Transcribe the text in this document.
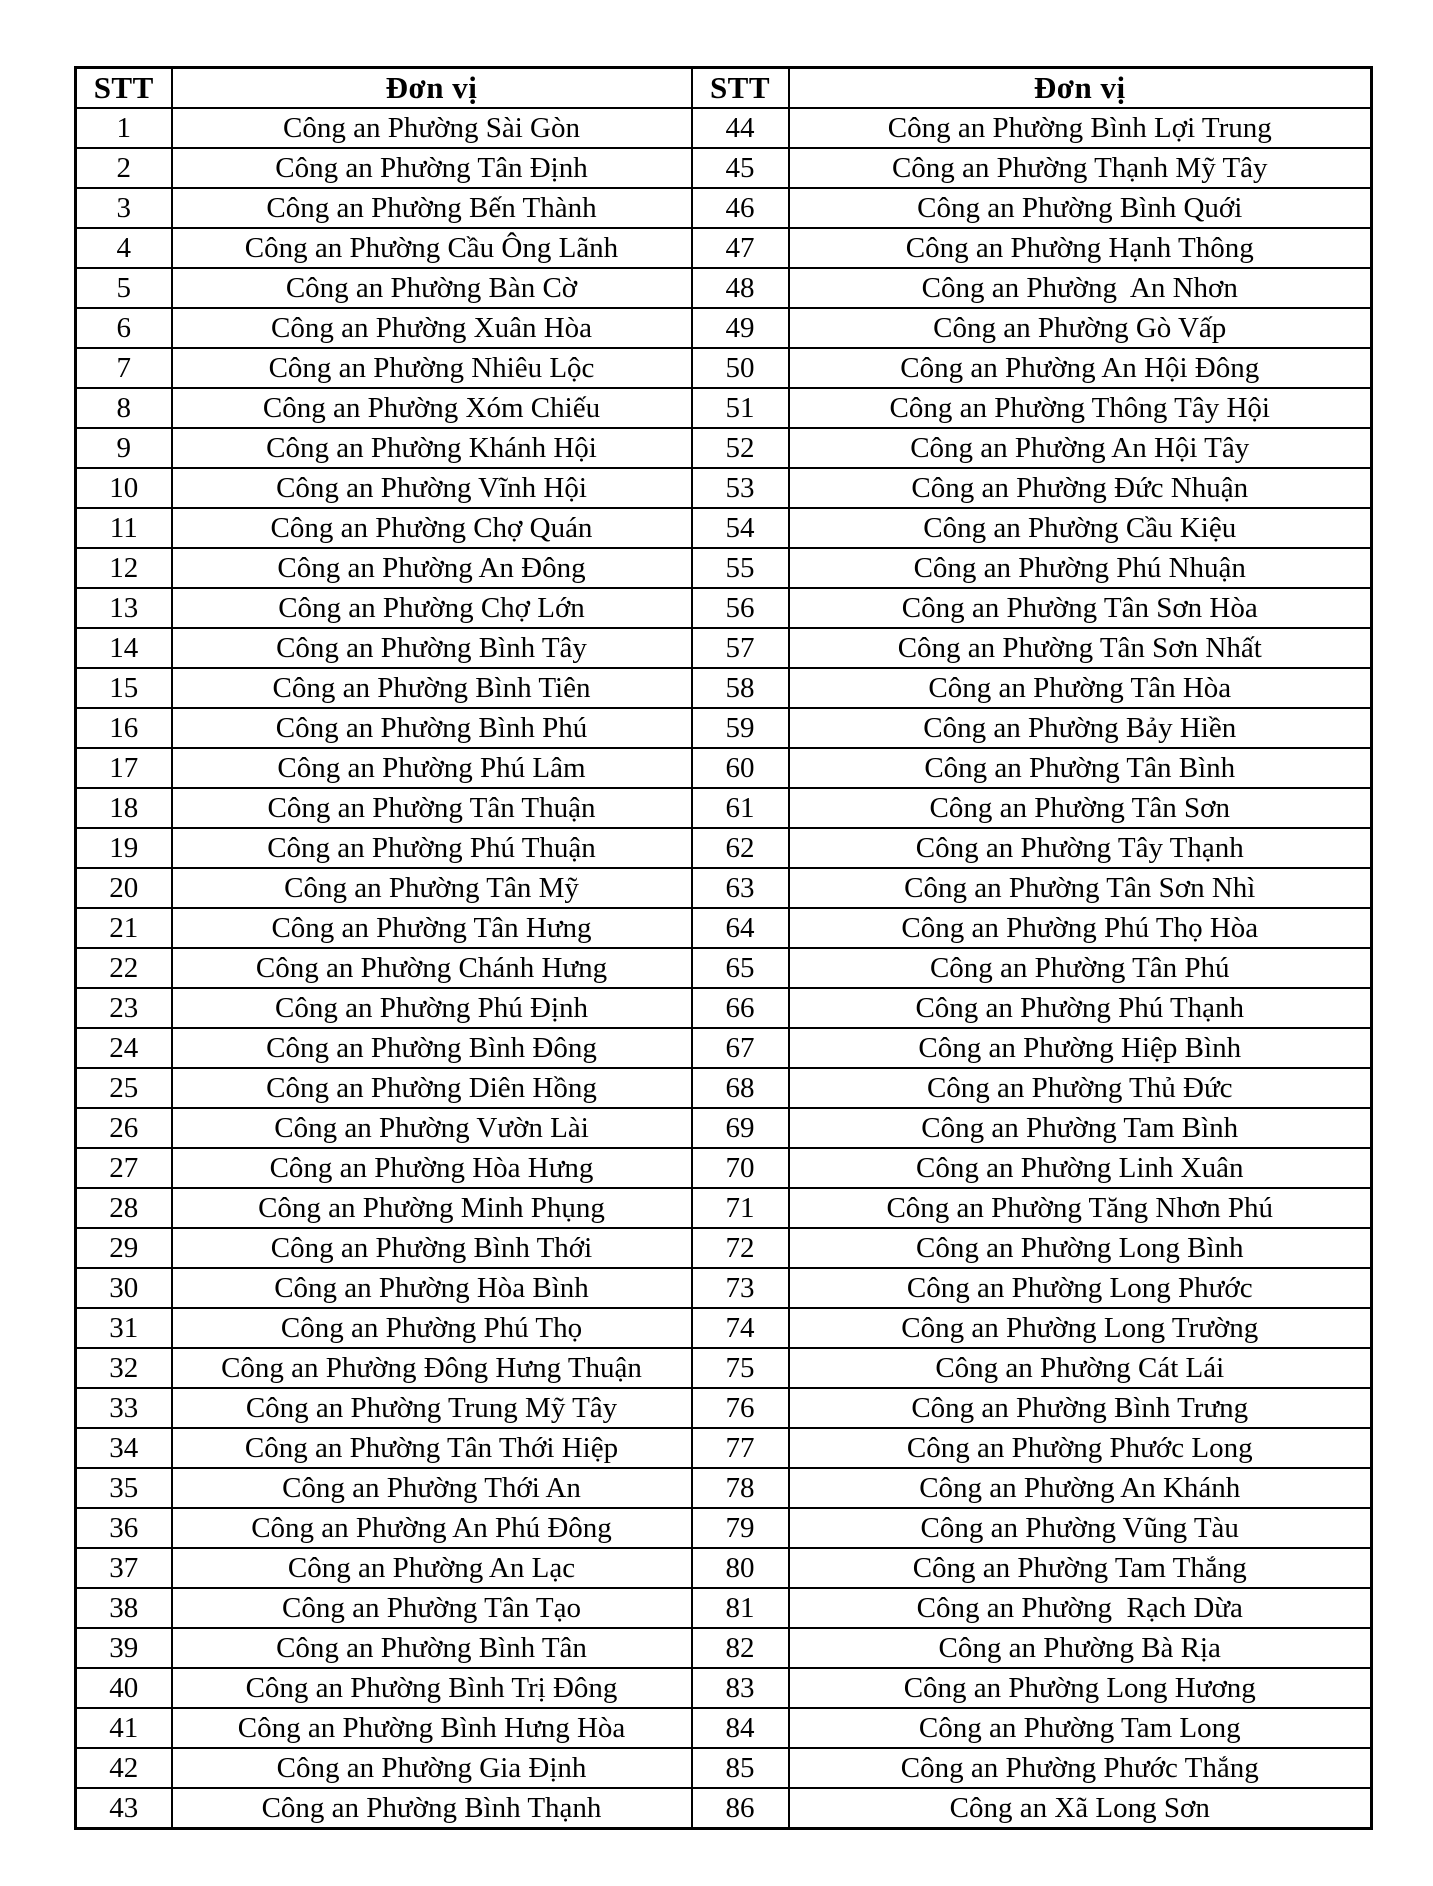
STT	Đơn vị	STT	Đơn vị
1	Công an Phường Sài Gòn	44	Công an Phường Bình Lợi Trung
2	Công an Phường Tân Định	45	Công an Phường Thạnh Mỹ Tây
3	Công an Phường Bến Thành	46	Công an Phường Bình Quới
4	Công an Phường Cầu Ông Lãnh	47	Công an Phường Hạnh Thông
5	Công an Phường Bàn Cờ	48	Công an Phường  An Nhơn
6	Công an Phường Xuân Hòa	49	Công an Phường Gò Vấp
7	Công an Phường Nhiêu Lộc	50	Công an Phường An Hội Đông
8	Công an Phường Xóm Chiếu	51	Công an Phường Thông Tây Hội
9	Công an Phường Khánh Hội	52	Công an Phường An Hội Tây
10	Công an Phường Vĩnh Hội	53	Công an Phường Đức Nhuận
11	Công an Phường Chợ Quán	54	Công an Phường Cầu Kiệu
12	Công an Phường An Đông	55	Công an Phường Phú Nhuận
13	Công an Phường Chợ Lớn	56	Công an Phường Tân Sơn Hòa
14	Công an Phường Bình Tây	57	Công an Phường Tân Sơn Nhất
15	Công an Phường Bình Tiên	58	Công an Phường Tân Hòa
16	Công an Phường Bình Phú	59	Công an Phường Bảy Hiền
17	Công an Phường Phú Lâm	60	Công an Phường Tân Bình
18	Công an Phường Tân Thuận	61	Công an Phường Tân Sơn
19	Công an Phường Phú Thuận	62	Công an Phường Tây Thạnh
20	Công an Phường Tân Mỹ	63	Công an Phường Tân Sơn Nhì
21	Công an Phường Tân Hưng	64	Công an Phường Phú Thọ Hòa
22	Công an Phường Chánh Hưng	65	Công an Phường Tân Phú
23	Công an Phường Phú Định	66	Công an Phường Phú Thạnh
24	Công an Phường Bình Đông	67	Công an Phường Hiệp Bình
25	Công an Phường Diên Hồng	68	Công an Phường Thủ Đức
26	Công an Phường Vườn Lài	69	Công an Phường Tam Bình
27	Công an Phường Hòa Hưng	70	Công an Phường Linh Xuân
28	Công an Phường Minh Phụng	71	Công an Phường Tăng Nhơn Phú
29	Công an Phường Bình Thới	72	Công an Phường Long Bình
30	Công an Phường Hòa Bình	73	Công an Phường Long Phước
31	Công an Phường Phú Thọ	74	Công an Phường Long Trường
32	Công an Phường Đông Hưng Thuận	75	Công an Phường Cát Lái
33	Công an Phường Trung Mỹ Tây	76	Công an Phường Bình Trưng
34	Công an Phường Tân Thới Hiệp	77	Công an Phường Phước Long
35	Công an Phường Thới An	78	Công an Phường An Khánh
36	Công an Phường An Phú Đông	79	Công an Phường Vũng Tàu
37	Công an Phường An Lạc	80	Công an Phường Tam Thắng
38	Công an Phường Tân Tạo	81	Công an Phường  Rạch Dừa
39	Công an Phường Bình Tân	82	Công an Phường Bà Rịa
40	Công an Phường Bình Trị Đông	83	Công an Phường Long Hương
41	Công an Phường Bình Hưng Hòa	84	Công an Phường Tam Long
42	Công an Phường Gia Định	85	Công an Phường Phước Thắng
43	Công an Phường Bình Thạnh	86	Công an Xã Long Sơn
